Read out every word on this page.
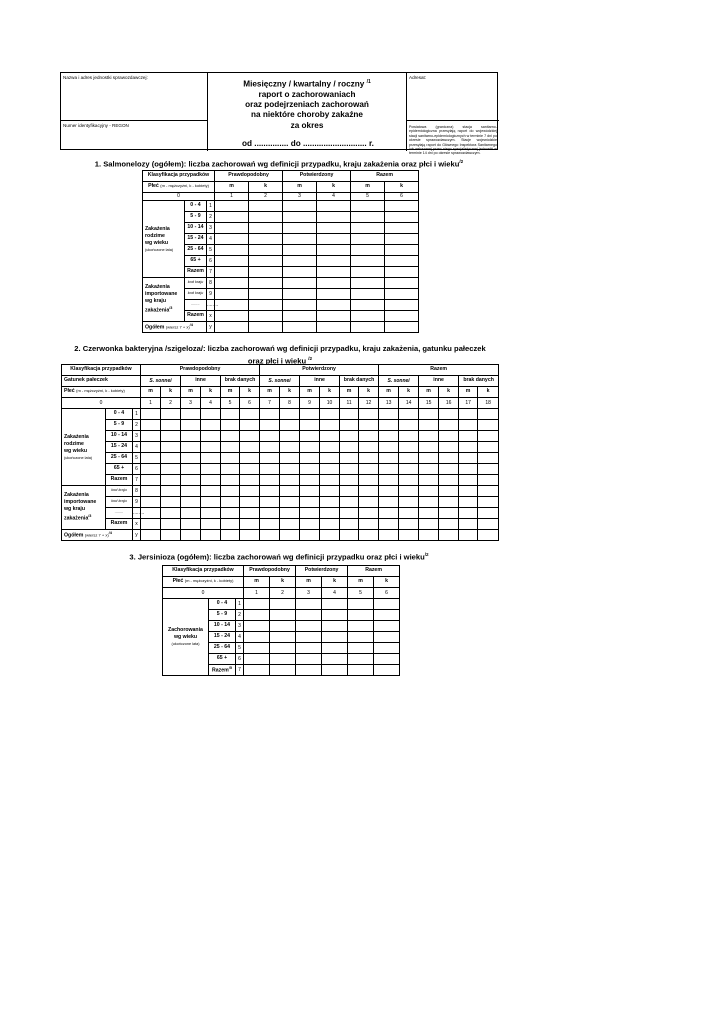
Nazwa i adres jednostki sprawozdawczej:
Numer identyfikacyjny - REGON
Miesięczny / kwartalny / roczny $^{/1}$
raport o zachorowaniach
oraz podejrzeniach zachorowań
na niektóre choroby zakaźne
za okres
od ............... do ............................ r.
Adresat:
Powiatowa (graniczna) stacja sanitarno-epidemiologiczna przesyłają raport do wojewódzkiej stacji sanitarno-epidemiologicznych w terminie 7 dni po okresie sprawozdawczym. Stacje wojewódzkie przesyłają raport do Głównego Inspektora Sanitarnego lub wskazanej przez niego specjalistycznej jednostki w terminie 14 dni po okresie sprawozdawczym.
1. Salmonelozy (ogółem): liczba zachorowań wg definicji przypadku, kraju zakażenia oraz płci i wieku$^{/2}$
Klasyfikacja przypadków			Prawdopodobny		Potwierdzony		Razem	
Płeć (m - mężczyźni, k - kobiety)			m	k	m	k	m	k
0			1	2	3	4	5	6
Zakażenia
rodzime
wg wieku
(ukończone lata)	0 - 4	1						
	5 - 9	2						
	10 - 14	3						
	15 - 24	4						
	25 - 64	5						
	65 +	6						
	Razem	7						
Zakażenia
importowane
wg kraju
zakażenia$^{/3}$	kod kraju	8						
	kod kraju	9						
	........	........						
	Razem	x						
Ogółem (wiersz 7 + x)$^{/4}$		y						
2. Czerwonka bakteryjna /szigeloza/: liczba zachorowań wg definicji przypadku, kraju zakażenia, gatunku pałeczek
oraz płci i wieku $^{/2}$
Klasyfikacja przypadków			Prawdopodobny						Potwierdzony						Razem					
Gatunek pałeczek			S. sonnei		inne		brak danych		S. sonnei		inne		brak danych		S. sonnei		inne		brak danych	
Płeć (m - mężczyźni, k - kobiety)			m	k	m	k	m	k	m	k	m	k	m	k	m	k	m	k	m	k
0			1	2	3	4	5	6	7	8	9	10	11	12	13	14	15	16	17	18
Zakażenia
rodzime
wg wieku
(ukończone lata)	0 - 4	1																		
	5 - 9	2																		
	10 - 14	3																		
	15 - 24	4																		
	25 - 64	5																		
	65 +	6																		
	Razem	7																		
Zakażenia
importowane
wg kraju
zakażenia$^{/3}$	kod kraju	8																		
	kod kraju	9																		
	........	........																		
	Razem	x																		
Ogółem (wiersz 7 + x)$^{/4}$		y																		
3. Jersinioza (ogółem): liczba zachorowań wg definicji przypadku oraz płci i wieku$^{/2}$
Klasyfikacja przypadków			Prawdopodobny		Potwierdzony		Razem	
Płeć (m - mężczyźni, k - kobiety)			m	k	m	k	m	k
0			1	2	3	4	5	6
Zachorowania
wg wieku
(ukończone lata)	0 - 4	1						
	5 - 9	2						
	10 - 14	3						
	15 - 24	4						
	25 - 64	5						
	65 +	6						
	Razem$^{/5}$	7						
